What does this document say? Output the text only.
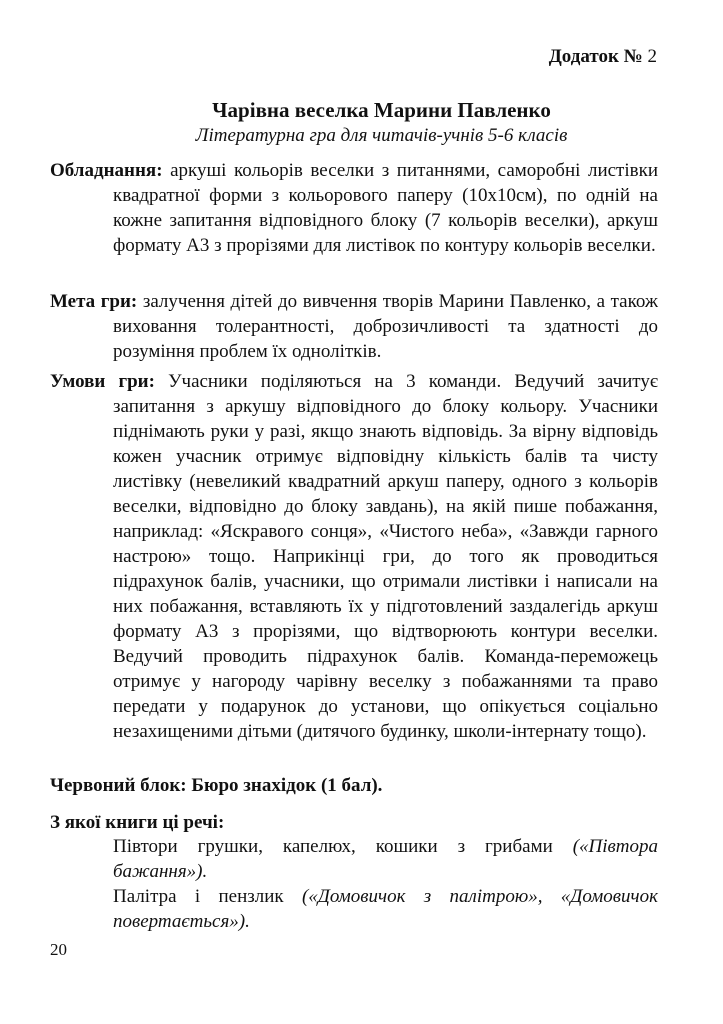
Додаток № 2

Чарівна веселка Марини Павленко

Літературна гра для читачів-учнів 5-6 класів

Обладнання: аркуші кольорів веселки з питаннями, саморобні листівки квадратної форми з кольорового паперу (10х10см), по одній на кожне запитання відповідного блоку (7 кольорів веселки), аркуш формату А3 з прорізями для листівок по контуру кольорів веселки.

Мета гри: залучення дітей до вивчення творів Марини Павленко, а також виховання толерантності, доброзичливості та здатності до розуміння проблем їх однолітків.

Умови гри: Учасники поділяються на 3 команди. Ведучий зачитує запитання з аркушу відповідного до блоку кольору. Учасники піднімають руки у разі, якщо знають відповідь. За вірну відповідь кожен учасник отримує відповідну кількість балів та чисту листівку (невеликий квадратний аркуш паперу, одного з кольорів веселки, відповідно до блоку завдань), на якій пише побажання, наприклад: «Яскравого сонця», «Чистого неба», «Завжди гарного настрою» тощо. Наприкінці гри, до того як проводиться підрахунок балів, учасники, що отримали листівки і написали на них побажання, вставляють їх у підготовлений заздалегідь аркуш формату А3 з прорізями, що відтворюють контури веселки. Ведучий проводить підрахунок балів. Команда-переможець отримує у нагороду чарівну веселку з побажаннями та право передати у подарунок до установи, що опікується соціально незахищеними дітьми (дитячого будинку, школи-інтернату тощо).

Червоний блок: Бюро знахідок (1 бал).

З якої книги ці речі:

Півтори грушки, капелюх, кошики з грибами («Півтора бажання»).
Палітра і пензлик («Домовичок з палітрою», «Домовичок повертається»).

20
